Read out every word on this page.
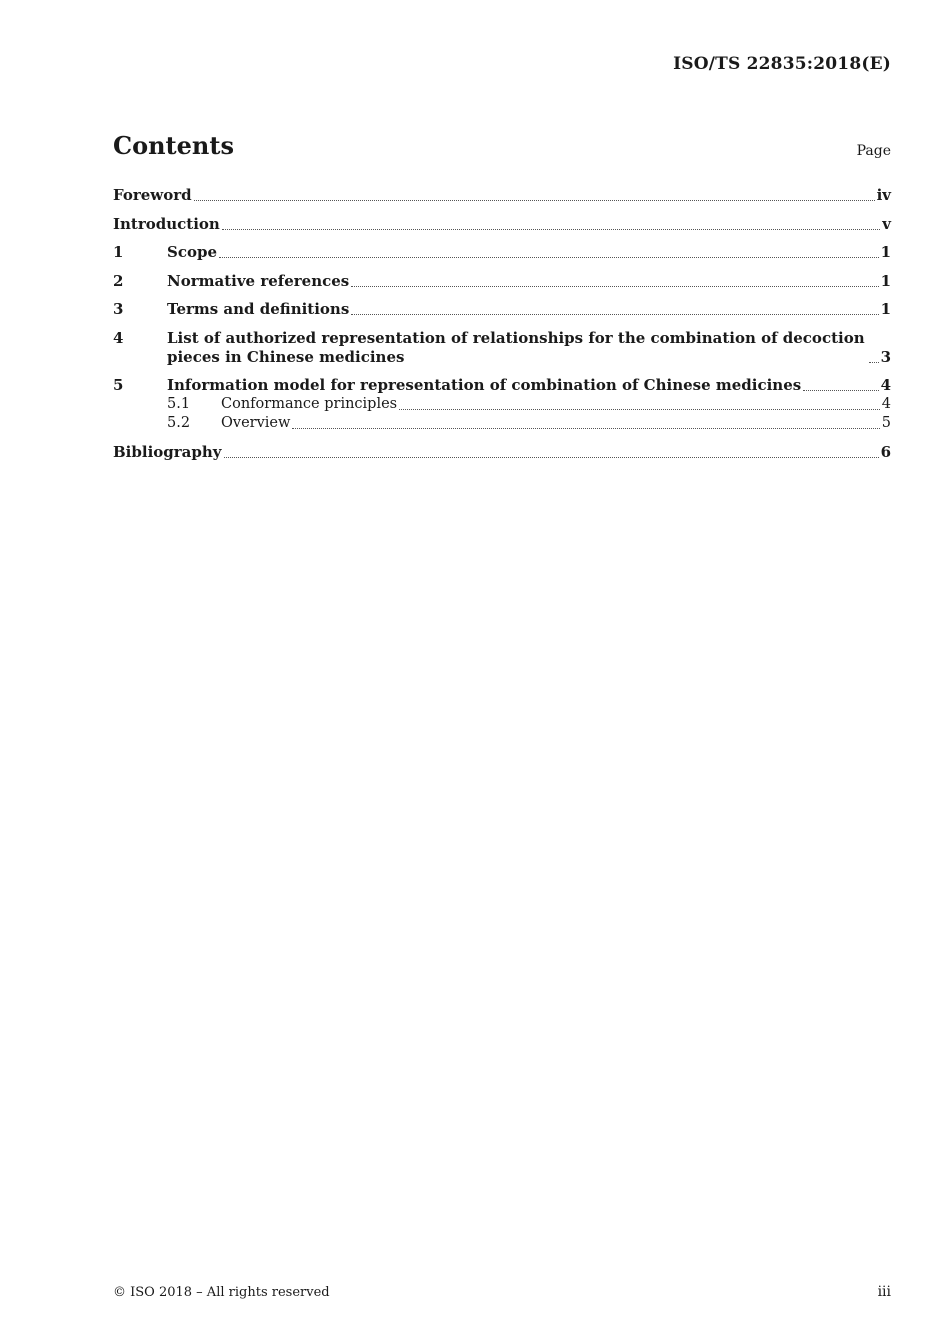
ISO/TS 22835:2018(E)
Contents	Page
Foreword	iv
Introduction	v
1	Scope	1
2	Normative references	1
3	Terms and definitions	1
4	List of authorized representation of relationships for the combination of decoction pieces in Chinese medicines	3
5	Information model for representation of combination of Chinese medicines	4
5.1	Conformance principles	4
5.2	Overview	5
Bibliography	6
© ISO 2018 – All rights reserved	iii
